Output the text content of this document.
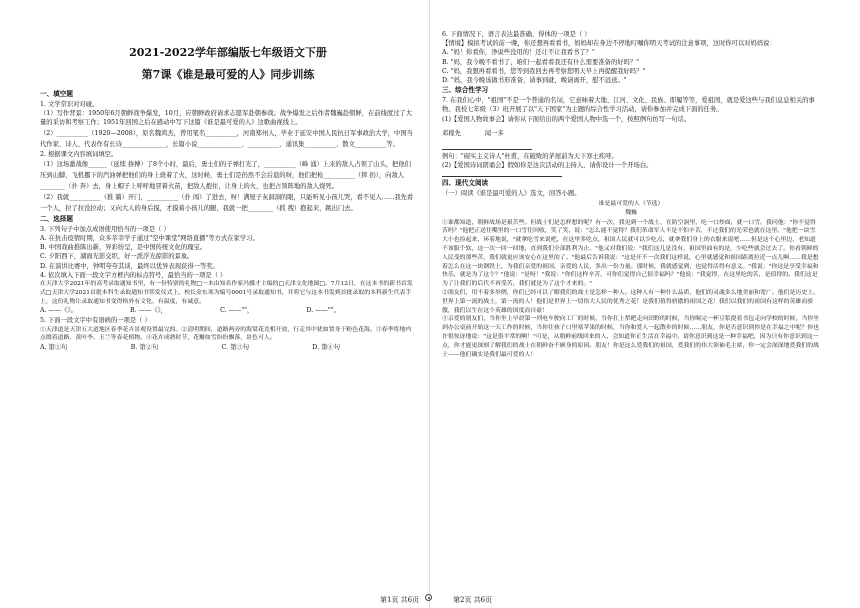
2021-2022学年部编版七年级语文下册
第7课《谁是最可爱的人》同步训练
一、填空题

1. 文学常识对对碰。

（1）写作背景：1950年6月朝鲜战争爆发，10月，应朝鲜政府请求志愿军赴朝参战；战争爆发之后作者魏巍赴朝鲜，在前线度过了大量的采访和考察工作；1951年回国之后在感动中写下这篇《谁是最可爱的人》这歌曲视线上。

（2）__________（1920—2008），原名魏鸿杰，曾用笔名__________，河南郑州人，毕业于延安中国人民抗日军事政治大学，中国当代作家、诗人、代表作有长诗______________，长篇小说______________、__________、通讯集__________、散文__________等。

2. 根据课文内容填词填空。

（1）这场激战像______（延续 拚搏）了8个小时，最后，勇士们的子弹打光了，__________（峰 涌）上来的敌人占领了山头，把他们压到山脚，飞机挪下的汽油弹把他们的身上烧着了火，这时候，勇士们是仍然不会后退的呀，他们把枪__________（摔 扔），向敌人________（扑 奔）去，身上帽子上呼呼地冒着火苗，把敌人抱住，让身上的火，也把占领阵地的敌人烧死。

（2）我就__________（推 躺）开门，__________（扑 闯）了进去，呀！满屋子灰洞洞的眼，只能听见小孩儿哭，看不见人……我先看一个人，拉了拉没拉动；又向大人的身后摸，才摸着小孩儿的腿，我就一把________（抓 拽）抱起来，跳出门去。

二、选择题

3. 下列句子中加点成语使用恰当的一项是（ ）

A. 在抗击疫情时期，众多莘莘学子通过"空中课堂"网络直播"等方式在家学习。

B. 中国戏曲推陈出新，异彩纷呈，是中国传统文化的瑰宝。

C. 夕阳西下，湖面光影交织，好一派浮光掠影的景象。

D. 在演讲比赛中，钟明夸夸其谈，最终以优异表现获得一等奖。

4. 依次填入下面一段文字方框内的标点符号，最恰当的一项是（ ）

在天津大学2021年的高考录取通知书里，有一份特别的礼物□一本由知名作家冯骥才主编的□天津文化地图□。7月12日，在这本书的新书首发式□天津大学2021首批本科生录取通知书签发仪式上，校长金东寒为编号0001号录取通知书，并将它与这本书发到首批录取的本科新生代表手上，这份礼物让录取通知书变得格外有文化、有温度，有诚意。

A. ——《》。	B. ——《》，	C. ——""，	D. ——""。

5. 下面一段文字中有语病的一项是（ ）

①天津道是天津五大道地区春季花卉景观设置最完的。②清明期间，道路两旁的海棠花竞相开放，行走其中犹如置身于粉色花海。③春季将地内点缀着道路、黄叶李、玉兰等春花植物。④花卉成熟时节，花瓣如雪纷纷飘落，景色可人。

A. 第①句	B. 第②句	C. 第③句	D. 第④句

6. 下面情况下，语言表达最准确、得体的一项是（ ）

【情境】模拟考试的前一晚，你还想再看看书，妈妈却在身边不停地叮嘱你明天考试的注意事项，这时你可以对妈妈说：

A. "妈！你看你，净说些没用的！还让不让我看书了？"

B. "妈，我今晚不看书了，咱们一起看看我还有什么需要准备的好吗？"

C. "妈，我想再看看书，您等到我回去再考察您明天早上再提醒我好吗？"

D. "妈，我今晚该做书形准备，请事到就，晚请离开，慰不远送。"

三、综合性学习

7. 在我们心中，"祖国"不是一个普通的名词，它意味着大地、江河、文化、民族、即履等等，爱祖国，就是爱这些与我们息息相关的事物。我校七年级（3）班开展了以"天下国家"为主题的综合性学习活动，请你参加并完成下面的任务。

(1)【爱国人物故事会】请你从下面给出的两个爱国人物中选一个，按照例句仿写一句话。

邓稼先	闻一多

例句："砚实主义诗人"杜甫，在破败的茅屋前为天下寒士疾呼。

(2)【爱国诗词朗诵会】假如你是这次活动的主持人，请你设计一个开场白。

四、现代文阅读

（一）阅读《谁是最可爱的人》选文，回答小题。

谁是最可爱的人（节选）

魏巍

①谁都知道，朝鲜战场是艰苦些。但战士们是怎样想的呢？有一次，我见到一个战士，在防空洞里，吃一口炒面，就一口雪。我问他："你不觉得苦吗？"他把正送往嘴里的一口雪往回收，笑了笑，说："怎么能不觉得？我们革命军人不是不怕辛苦，不过我们的光荣也就在这里。"他把一块雪大小也捡起来，环着地说，"就拿吃雪来说吧，在这里多吃点，祖国人民就可以少吃点，就拿我们身上的衣服来说吧……但是这个心里边，老知道不该服个软，这一次一回一回地，直到我们全部胜利为止。"他又对我们说："我们这儿是没有，祖国里面有的是，少吃些就会过去了。你看朝鲜的人民受的那些苦，我们就更应该安心在这里的了。"他最后告诉我说："这是开不一次我们这样说，心里就感觉和祖国距离拉近一点儿啊……我是想着怎么在这一块钢铁上，为我们亲爱的祖国、亲爱的人民，多出一份力量。那时候，我就感觉到，也觉得活得有意义。"我说："你这是享受幸福和快乐，就是为了这个？"他说："是呀！"我说："你们这样辛苦，可你们觉得自己很幸福吗？"他说："我觉得，在这里吃的苦，是值得的。我们这是为了让我们的后代不再受苦，我们就是为了这个才来的。"

②朋友们，用不着多举例，你们已经可以了解我们的战士是怎样一种人。这种人有一种什么品质，他们的灵魂多么地美丽和宽广。他们是历史上、世界上第一流的战士，第一流的人！他们是世界上一切伟大人民的优秀之花！是我们值得骄傲的祖国之花！我们以我们的祖国有这样的英雄而骄傲，我们以生在这个英雄的国度而自豪！

③亲爱的朋友们，当你坐上早晨第一列电车驶向工厂的时候，当你扛上犁耙走向田野的时候，当你喝完一杯豆浆提着书包走向学校的时候，当你坐到办公桌前开始这一天工作的时候，当你往孩子口里塞苹果的时候，当你和爱人一起散步的时候……朋友，你是否意识到你是在幸福之中呢？你也许很惊讶地说："这是很平常的啊！"可是，从朝鲜前线回来的人，会知道你正生活在幸福中。请你意识到这是一种幸福吧，因为只有你意识到这一点，你才能更深刻了解我们的战士在朝鲜奋不顾身的原因。朋友！你是这么爱我们的祖国，爱我们的伟大领袖毛主席，你一定会深深地爱我们的战士——他们确实是我们最可爱的人！

第1页 共6页	第2页 共6页
